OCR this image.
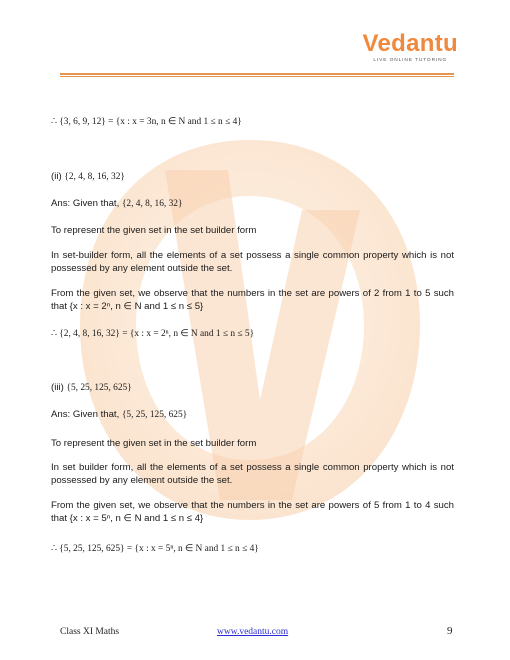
Vedantu
LIVE ONLINE TUTORING
∴ {3, 6, 9, 12} = {x : x = 3n, n ∈ N and 1 ≤ n ≤ 4}
(ii) {2, 4, 8, 16, 32}
Ans: Given that, {2, 4, 8, 16, 32}
To represent the given set in the set builder form
In set-builder form, all the elements of a set possess a single common property which is not possessed by any element outside the set.
From the given set, we observe that the numbers in the set are powers of 2 from 1 to 5 such that {x : x = 2ⁿ, n ∈ N and 1 ≤ n ≤ 5}
∴ {2, 4, 8, 16, 32} = {x : x = 2ⁿ, n ∈ N and 1 ≤ n ≤ 5}
(iii) {5, 25, 125, 625}
Ans: Given that, {5, 25, 125, 625}
To represent the given set in the set builder form
In set builder form, all the elements of a set possess a single common property which is not possessed by any element outside the set.
From the given set, we observe that the numbers in the set are powers of 5 from 1 to 4 such that {x : x = 5ⁿ, n ∈ N and 1 ≤ n ≤ 4}
∴ {5, 25, 125, 625} = {x : x = 5ⁿ, n ∈ N and 1 ≤ n ≤ 4}
Class XI Maths	www.vedantu.com	9
